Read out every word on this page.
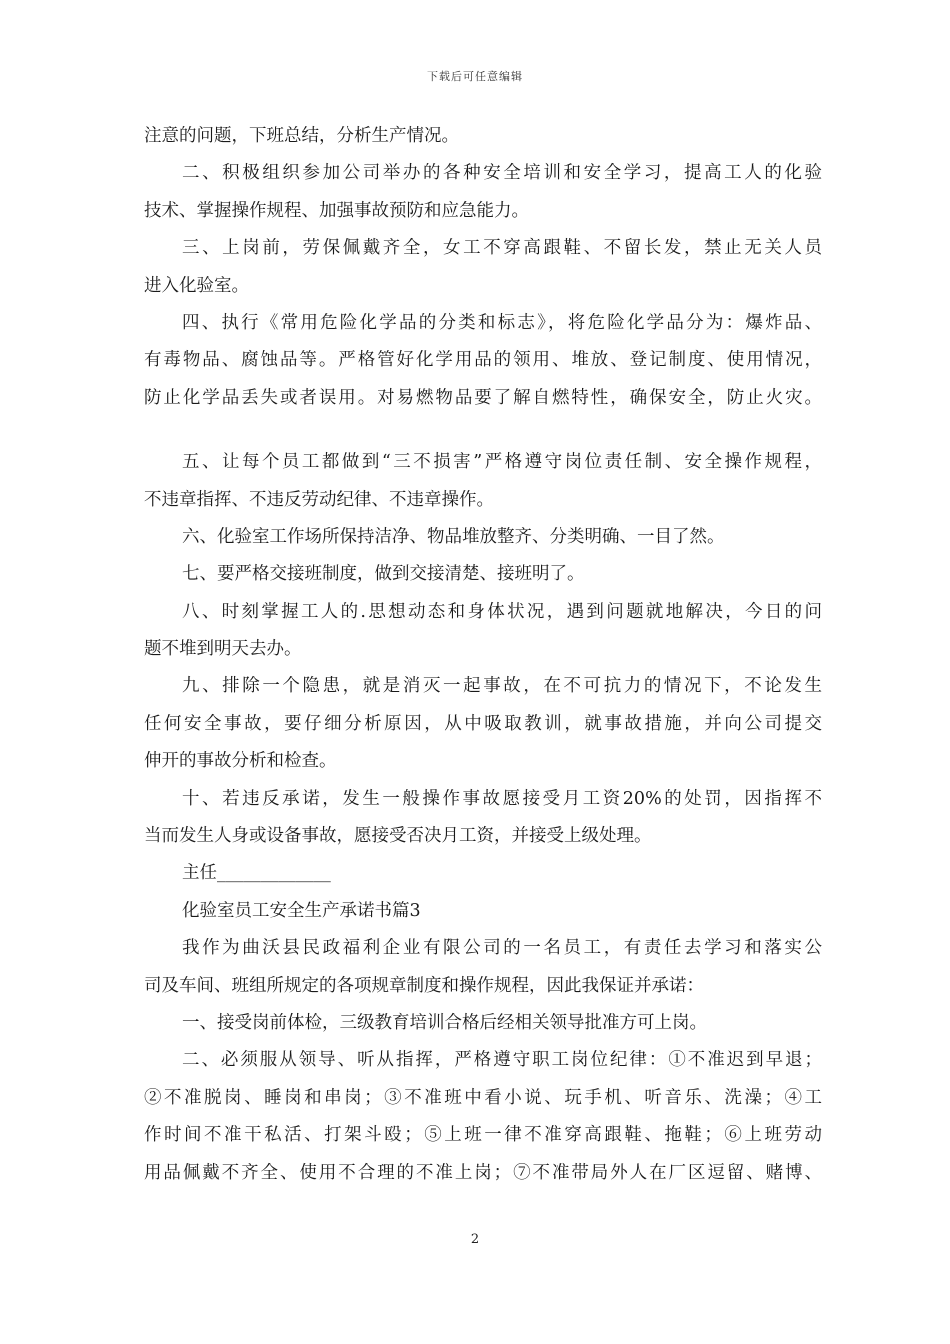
下载后可任意编辑
注意的问题，下班总结，分析生产情况。
二、积极组织参加公司举办的各种安全培训和安全学习，提高工人的化验
技术、掌握操作规程、加强事故预防和应急能力。
三、上岗前，劳保佩戴齐全，女工不穿高跟鞋、不留长发，禁止无关人员
进入化验室。
四、执行《常用危险化学品的分类和标志》，将危险化学品分为：爆炸品、
有毒物品、腐蚀品等。严格管好化学用品的领用、堆放、登记制度、使用情况，
防止化学品丢失或者误用。对易燃物品要了解自燃特性，确保安全，防止火灾。
五、让每个员工都做到“三不损害”严格遵守岗位责任制、安全操作规程，
不违章指挥、不违反劳动纪律、不违章操作。
六、化验室工作场所保持洁净、物品堆放整齐、分类明确、一目了然。
七、要严格交接班制度，做到交接清楚、接班明了。
八、时刻掌握工人的.思想动态和身体状况，遇到问题就地解决，今日的问
题不堆到明天去办。
九、排除一个隐患，就是消灭一起事故，在不可抗力的情况下，不论发生
任何安全事故，要仔细分析原因，从中吸取教训，就事故措施，并向公司提交
伸开的事故分析和检查。
十、若违反承诺，发生一般操作事故愿接受月工资20%的处罚，因指挥不
当而发生人身或设备事故，愿接受否决月工资，并接受上级处理。
主任_____________
化验室员工安全生产承诺书篇3
我作为曲沃县民政福利企业有限公司的一名员工，有责任去学习和落实公
司及车间、班组所规定的各项规章制度和操作规程，因此我保证并承诺：
一、接受岗前体检，三级教育培训合格后经相关领导批准方可上岗。
二、必须服从领导、听从指挥，严格遵守职工岗位纪律：①不准迟到早退；
②不准脱岗、睡岗和串岗；③不准班中看小说、玩手机、听音乐、洗澡；④工
作时间不准干私活、打架斗殴；⑤上班一律不准穿高跟鞋、拖鞋；⑥上班劳动
用品佩戴不齐全、使用不合理的不准上岗；⑦不准带局外人在厂区逗留、赌博、
2
